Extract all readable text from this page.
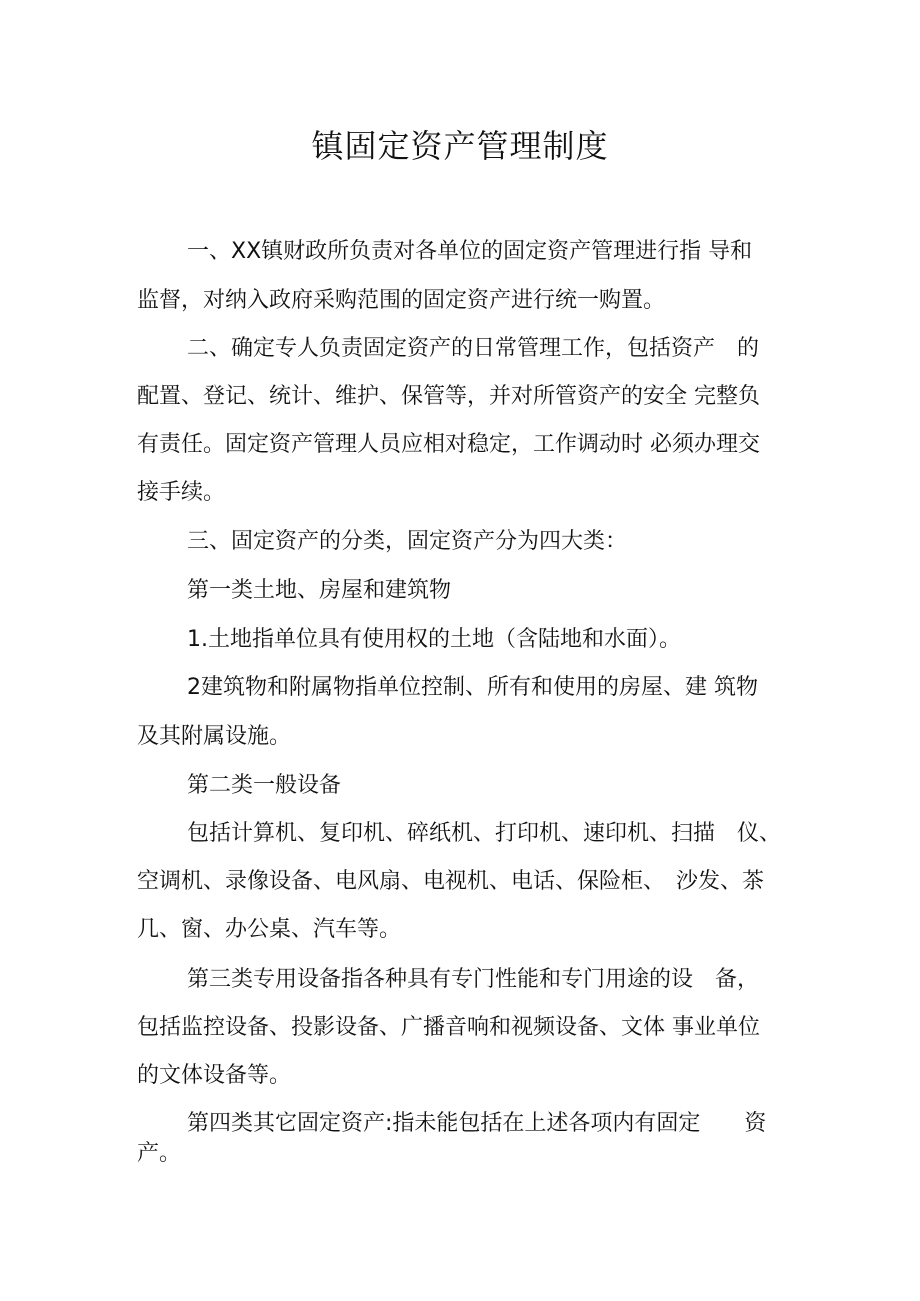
镇固定资产管理制度
一、XX镇财政所负责对各单位的固定资产管理进行指 导和
监督，对纳入政府采购范围的固定资产进行统一购置。
二、确定专人负责固定资产的日常管理工作，包括资产　的
配置、登记、统计、维护、保管等，并对所管资产的安全 完整负
有责任。固定资产管理人员应相对稳定，工作调动时 必须办理交
接手续。
三、固定资产的分类，固定资产分为四大类：
第一类土地、房屋和建筑物
1.土地指单位具有使用权的土地（含陆地和水面）。
2建筑物和附属物指单位控制、所有和使用的房屋、建 筑物
及其附属设施。
第二类一般设备
包括计算机、复印机、碎纸机、打印机、速印机、扫描　仪、
空调机、录像设备、电风扇、电视机、电话、保险柜、　沙发、茶
几、窗、办公桌、汽车等。
第三类专用设备指各种具有专门性能和专门用途的设　备，
包括监控设备、投影设备、广播音响和视频设备、文体 事业单位
的文体设备等。
第四类其它固定资产:指未能包括在上述各项内有固定　　资
产。
